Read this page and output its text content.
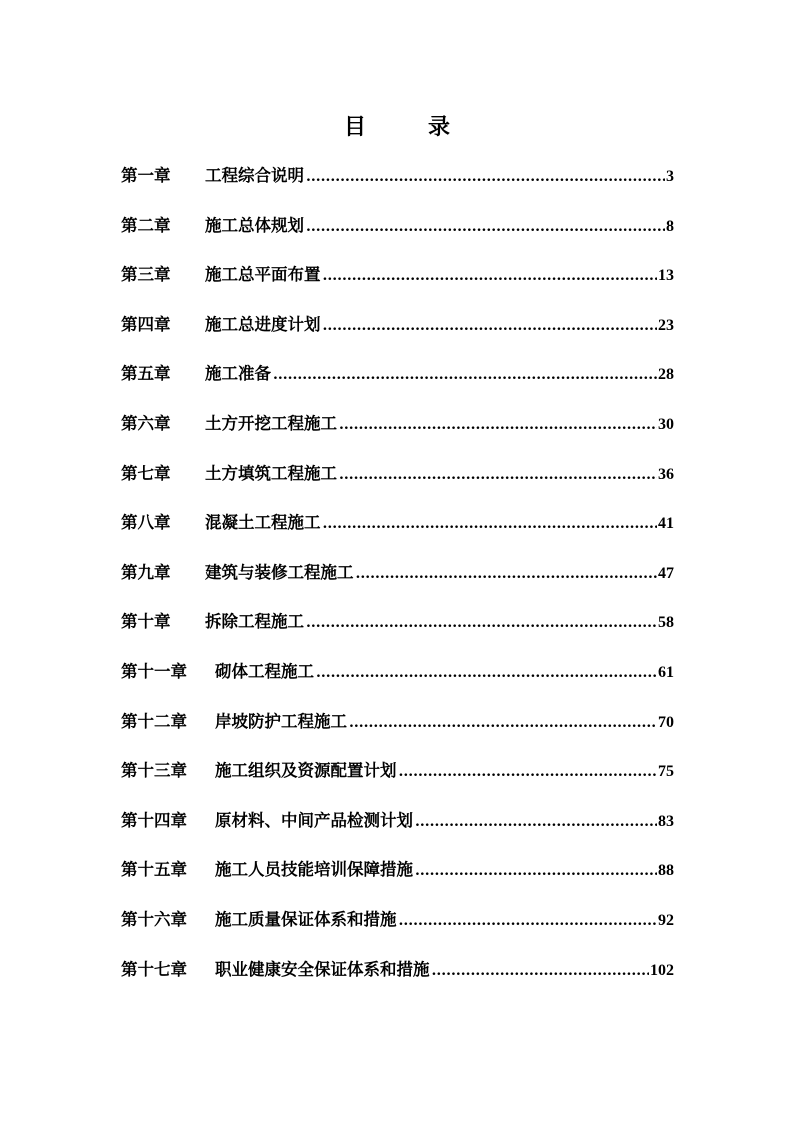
目　录
第一章	工程综合说明 .....	3
第二章	施工总体规划 .....	8
第三章	施工总平面布置 .....	13
第四章	施工总进度计划 .....	23
第五章	施工准备 .....	28
第六章	土方开挖工程施工 .....	30
第七章	土方填筑工程施工 .....	36
第八章	混凝土工程施工 .....	41
第九章	建筑与装修工程施工 .....	47
第十章	拆除工程施工 .....	58
第十一章	砌体工程施工 .....	61
第十二章	岸坡防护工程施工 .....	70
第十三章	施工组织及资源配置计划 .....	75
第十四章	原材料、中间产品检测计划 .....	83
第十五章	施工人员技能培训保障措施 .....	88
第十六章	施工质量保证体系和措施 .....	92
第十七章	职业健康安全保证体系和措施 .....	102
